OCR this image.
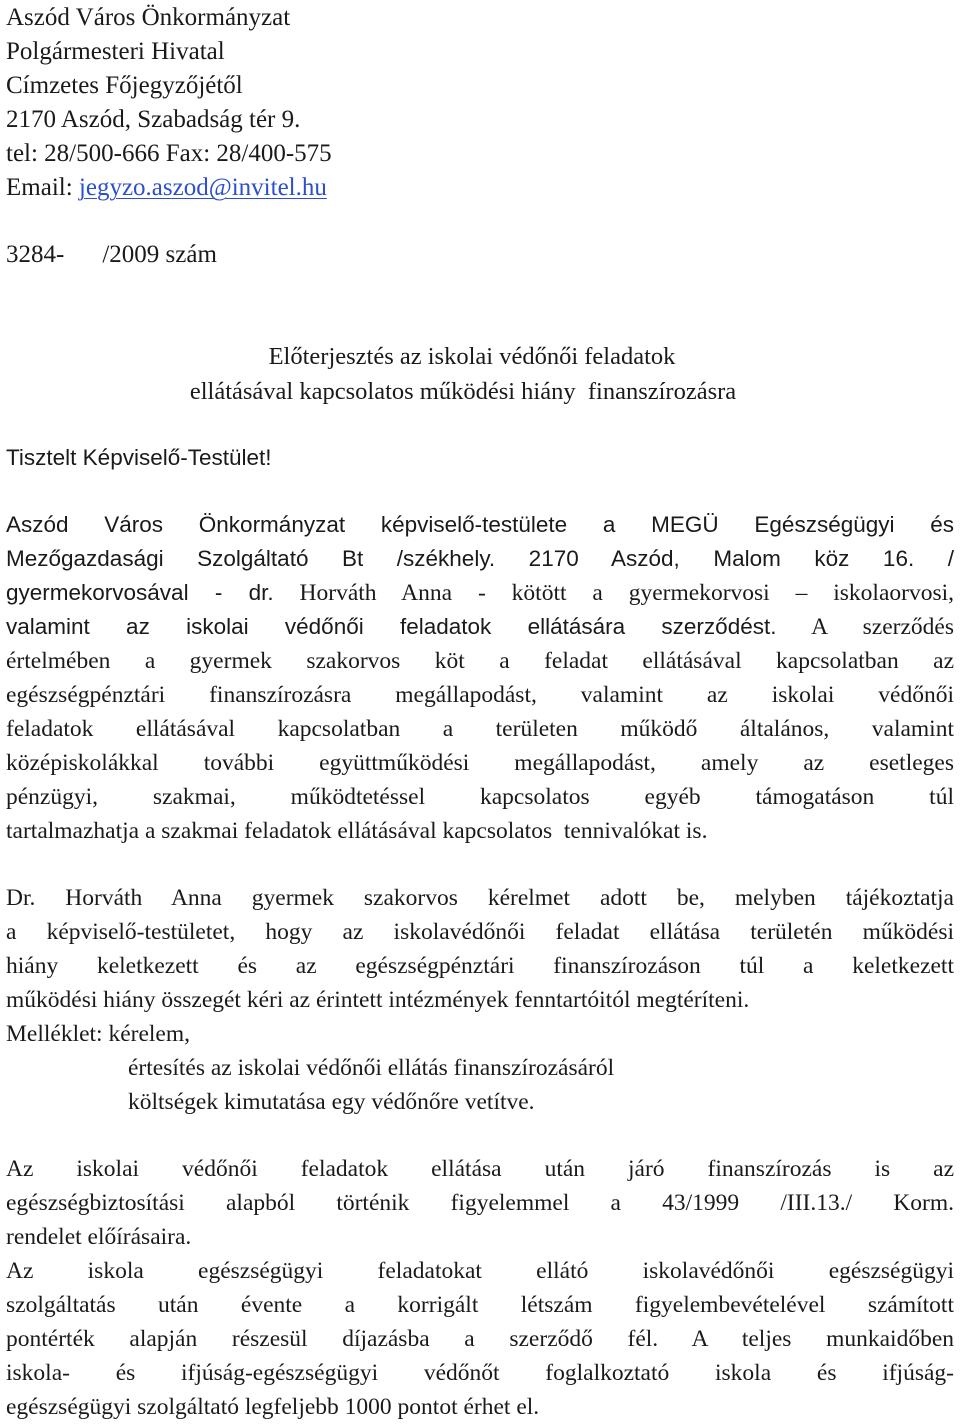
Aszód Város Önkormányzat
Polgármesteri Hivatal
Címzetes Főjegyzőjétől
2170 Aszód, Szabadság tér 9.
tel: 28/500-666 Fax: 28/400-575
Email: jegyzo.aszod@invitel.hu
3284- /2009 szám
Előterjesztés az iskolai védőnői feladatok
ellátásával kapcsolatos működési hiány  finanszírozásra
Tisztelt Képviselő-Testület!
Aszód Város Önkormányzat képviselő-testülete a MEGÜ Egészségügyi és
Mezőgazdasági Szolgáltató Bt /székhely. 2170 Aszód, Malom köz 16. /
gyermekorvosával - dr. Horváth Anna - kötött a gyermekorvosi – iskolaorvosi,
valamint az iskolai védőnői feladatok ellátására szerződést. A szerződés
értelmében a gyermek szakorvos köt a feladat ellátásával kapcsolatban az
egészségpénztári finanszírozásra megállapodást, valamint az iskolai védőnői
feladatok ellátásával kapcsolatban a területen működő általános, valamint
középiskolákkal további együttműködési megállapodást, amely az esetleges
pénzügyi, szakmai, működtetéssel kapcsolatos egyéb támogatáson túl
tartalmazhatja a szakmai feladatok ellátásával kapcsolatos  tennivalókat is.
Dr. Horváth Anna gyermek szakorvos kérelmet adott be, melyben tájékoztatja
a képviselő-testületet, hogy az iskolavédőnői feladat ellátása területén működési
hiány keletkezett és az egészségpénztári finanszírozáson túl a keletkezett
működési hiány összegét kéri az érintett intézmények fenntartóitól megtéríteni.
Melléklet: kérelem,
értesítés az iskolai védőnői ellátás finanszírozásáról
költségek kimutatása egy védőnőre vetítve.
Az iskolai védőnői feladatok ellátása után járó finanszírozás is az
egészségbiztosítási alapból történik figyelemmel a 43/1999 /III.13./ Korm.
rendelet előírásaira.
Az iskola egészségügyi feladatokat ellátó iskolavédőnői egészségügyi
szolgáltatás után évente a korrigált létszám figyelembevételével számított
pontérték alapján részesül díjazásba a szerződő fél. A teljes munkaidőben
iskola- és ifjúság-egészségügyi védőnőt foglalkoztató iskola és ifjúság-
egészségügyi szolgáltató legfeljebb 1000 pontot érhet el.
